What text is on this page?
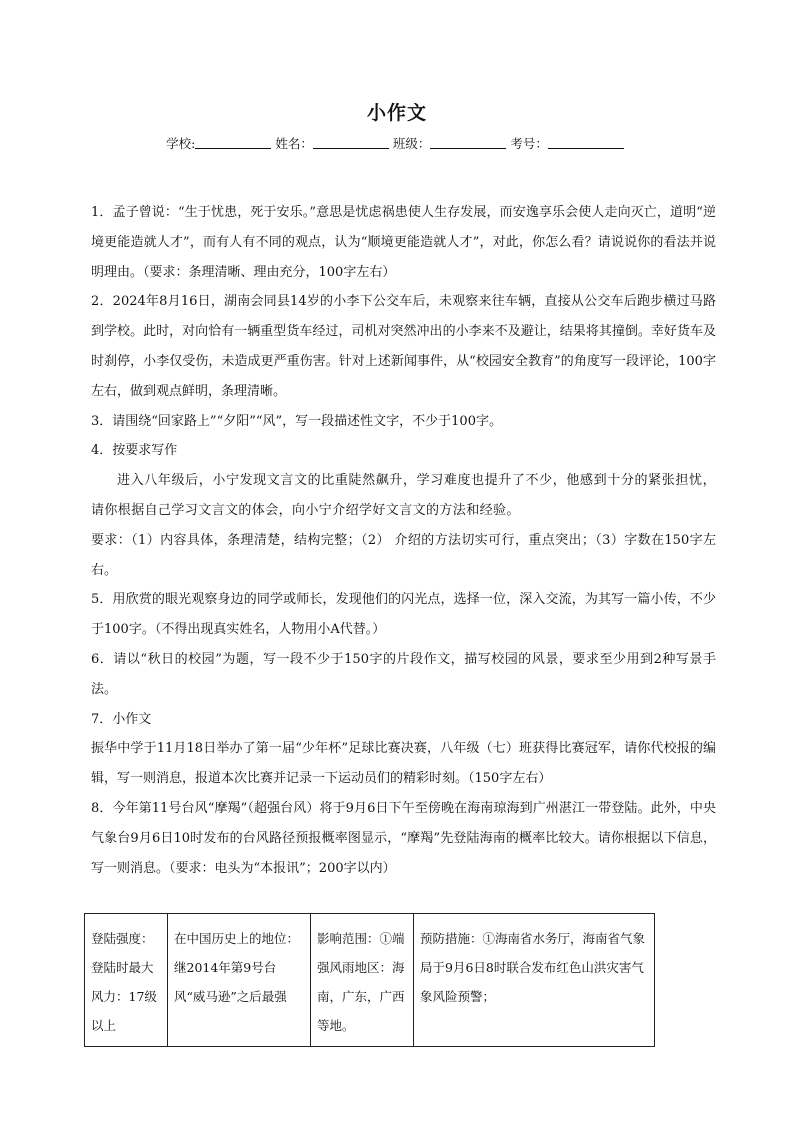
小作文
学校:	姓名：	班级：	考号：

1．孟子曾说：“生于忧患，死于安乐。”意思是忧虑祸患使人生存发展，而安逸享乐会使人走向灭亡，道明“逆境更能造就人才”，而有人有不同的观点，认为“顺境更能造就人才”，对此，你怎么看？请说说你的看法并说明理由。（要求：条理清晰、理由充分，100字左右）

2．2024年8月16日，湖南会同县14岁的小李下公交车后，未观察来往车辆，直接从公交车后跑步横过马路到学校。此时，对向恰有一辆重型货车经过，司机对突然冲出的小李来不及避让，结果将其撞倒。幸好货车及时刹停，小李仅受伤，未造成更严重伤害。针对上述新闻事件，从“校园安全教育”的角度写一段评论，100字左右，做到观点鲜明，条理清晰。

3．请围绕“回家路上”“夕阳”“风”，写一段描述性文字，不少于100字。

4．按要求写作

进入八年级后，小宁发现文言文的比重陡然飙升，学习难度也提升了不少，他感到十分的紧张担忧，请你根据自己学习文言文的体会，向小宁介绍学好文言文的方法和经验。

要求：（1）内容具体，条理清楚，结构完整；（2） 介绍的方法切实可行，重点突出；（3）字数在150字左右。

5．用欣赏的眼光观察身边的同学或师长，发现他们的闪光点，选择一位，深入交流，为其写一篇小传，不少于100字。（不得出现真实姓名，人物用小A代替。）

6．请以“秋日的校园”为题，写一段不少于150字的片段作文，描写校园的风景，要求至少用到2种写景手法。

7．小作文

振华中学于11月18日举办了第一届“少年杯”足球比赛决赛，八年级（七）班获得比赛冠军，请你代校报的编辑，写一则消息，报道本次比赛并记录一下运动员们的精彩时刻。（150字左右）

8．今年第11号台风“摩羯”（超强台风）将于9月6日下午至傍晚在海南琼海到广州湛江一带登陆。此外，中央气象台9月6日10时发布的台风路径预报概率图显示，“摩羯”先登陆海南的概率比较大。请你根据以下信息，写一则消息。（要求：电头为“本报讯”；200字以内）

登陆强度：登陆时最大风力：17级以上	在中国历史上的地位：继2014年第9号台风“威马逊”之后最强	影响范围：①端强风雨地区：海南，广东，广西等地。	预防措施：①海南省水务厅，海南省气象局于9月6日8时联合发布红色山洪灾害气象风险预警；
